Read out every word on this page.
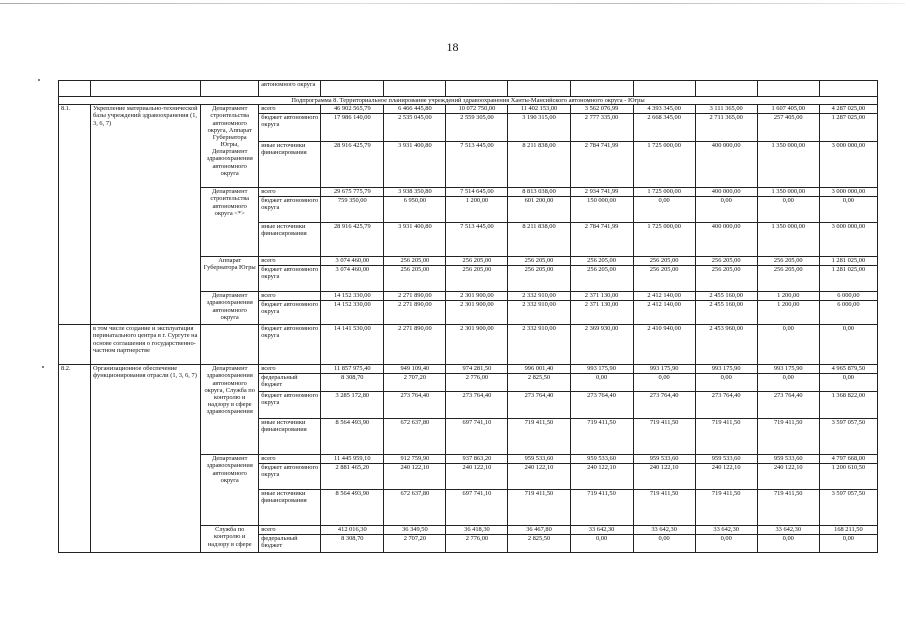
18
			автономного округа									
Подпрограмма 8. Территориальное планирование учреждений здравоохранения Ханты-Мансийского автономного округа - Югры												
8.1.	Укрепление материально-технической базы учреждений здравоохранения (1, 3, 6, 7)	Департамент строительства автономного округа, Аппарат Губернатора Югры, Департамент здравоохранения автономного округа	всего	46 902 565,79	6 466 445,80	10 072 750,00	11 402 153,00	3 562 076,99	4 393 345,00	3 111 365,00	1 607 405,00	4 287 025,00
			бюджет автономного округа	17 986 140,00	2 535 045,00	2 559 305,00	3 190 315,00	2 777 335,00	2 668 345,00	2 711 365,00	257 405,00	1 287 025,00
			иные источники финансирования	28 916 425,79	3 931 400,80	7 513 445,00	8 211 838,00	2 784 741,99	1 725 000,00	400 000,00	1 350 000,00	3 000 000,00
		Департамент строительства автономного округа <*>	всего	29 675 775,79	3 938 350,80	7 514 645,00	8 813 038,00	2 934 741,99	1 725 000,00	400 000,00	1 350 000,00	3 000 000,00
			бюджет автономного округа	759 350,00	6 950,00	1 200,00	601 200,00	150 000,00	0,00	0,00	0,00	0,00
			иные источники финансирования	28 916 425,79	3 931 400,80	7 513 445,00	8 211 838,00	2 784 741,99	1 725 000,00	400 000,00	1 350 000,00	3 000 000,00
		Аппарат Губернатора Югры	всего	3 074 460,00	256 205,00	256 205,00	256 205,00	256 205,00	256 205,00	256 205,00	256 205,00	1 281 025,00
			бюджет автономного округа	3 074 460,00	256 205,00	256 205,00	256 205,00	256 205,00	256 205,00	256 205,00	256 205,00	1 281 025,00
		Департамент здравоохранения автономного округа	всего	14 152 330,00	2 271 890,00	2 301 900,00	2 332 910,00	2 371 130,00	2 412 140,00	2 455 160,00	1 200,00	6 000,00
			бюджет автономного округа	14 152 330,00	2 271 890,00	2 301 900,00	2 332 910,00	2 371 130,00	2 412 140,00	2 455 160,00	1 200,00	6 000,00
	в том числе создание и эксплуатация перинатального центра в г. Сургуте на основе соглашения о государственно-частном партнерстве		бюджет автономного округа	14 141 530,00	2 271 890,00	2 301 900,00	2 332 910,00	2 369 930,00	2 410 940,00	2 453 960,00	0,00	0,00
8.2.	Организационное обеспечение функционирования отрасли (1, 3, 6, 7)	Департамент здравоохранения автономного округа, Служба по контролю и надзору в сфере здравоохранения	всего	11 857 975,40	949 109,40	974 281,50	996 001,40	993 175,90	993 175,90	993 175,90	993 175,90	4 965 879,50
			федеральный бюджет	8 308,70	2 707,20	2 776,00	2 825,50	0,00	0,00	0,00	0,00	0,00
			бюджет автономного округа	3 285 172,80	273 764,40	273 764,40	273 764,40	273 764,40	273 764,40	273 764,40	273 764,40	1 368 822,00
			иные источники финансирования	8 564 493,90	672 637,80	697 741,10	719 411,50	719 411,50	719 411,50	719 411,50	719 411,50	3 597 057,50
		Департамент здравоохранения автономного округа	всего	11 445 959,10	912 759,90	937 863,20	959 533,60	959 533,60	959 533,60	959 533,60	959 533,60	4 797 668,00
			бюджет автономного округа	2 881 465,20	240 122,10	240 122,10	240 122,10	240 122,10	240 122,10	240 122,10	240 122,10	1 200 610,50
			иные источники финансирования	8 564 493,90	672 637,80	697 741,10	719 411,50	719 411,50	719 411,50	719 411,50	719 411,50	3 597 057,50
		Служба по контролю и надзору в сфере	всего	412 016,30	36 349,50	36 418,30	36 467,80	33 642,30	33 642,30	33 642,30	33 642,30	168 211,50
			федеральный бюджет	8 308,70	2 707,20	2 776,00	2 825,50	0,00	0,00	0,00	0,00	0,00
